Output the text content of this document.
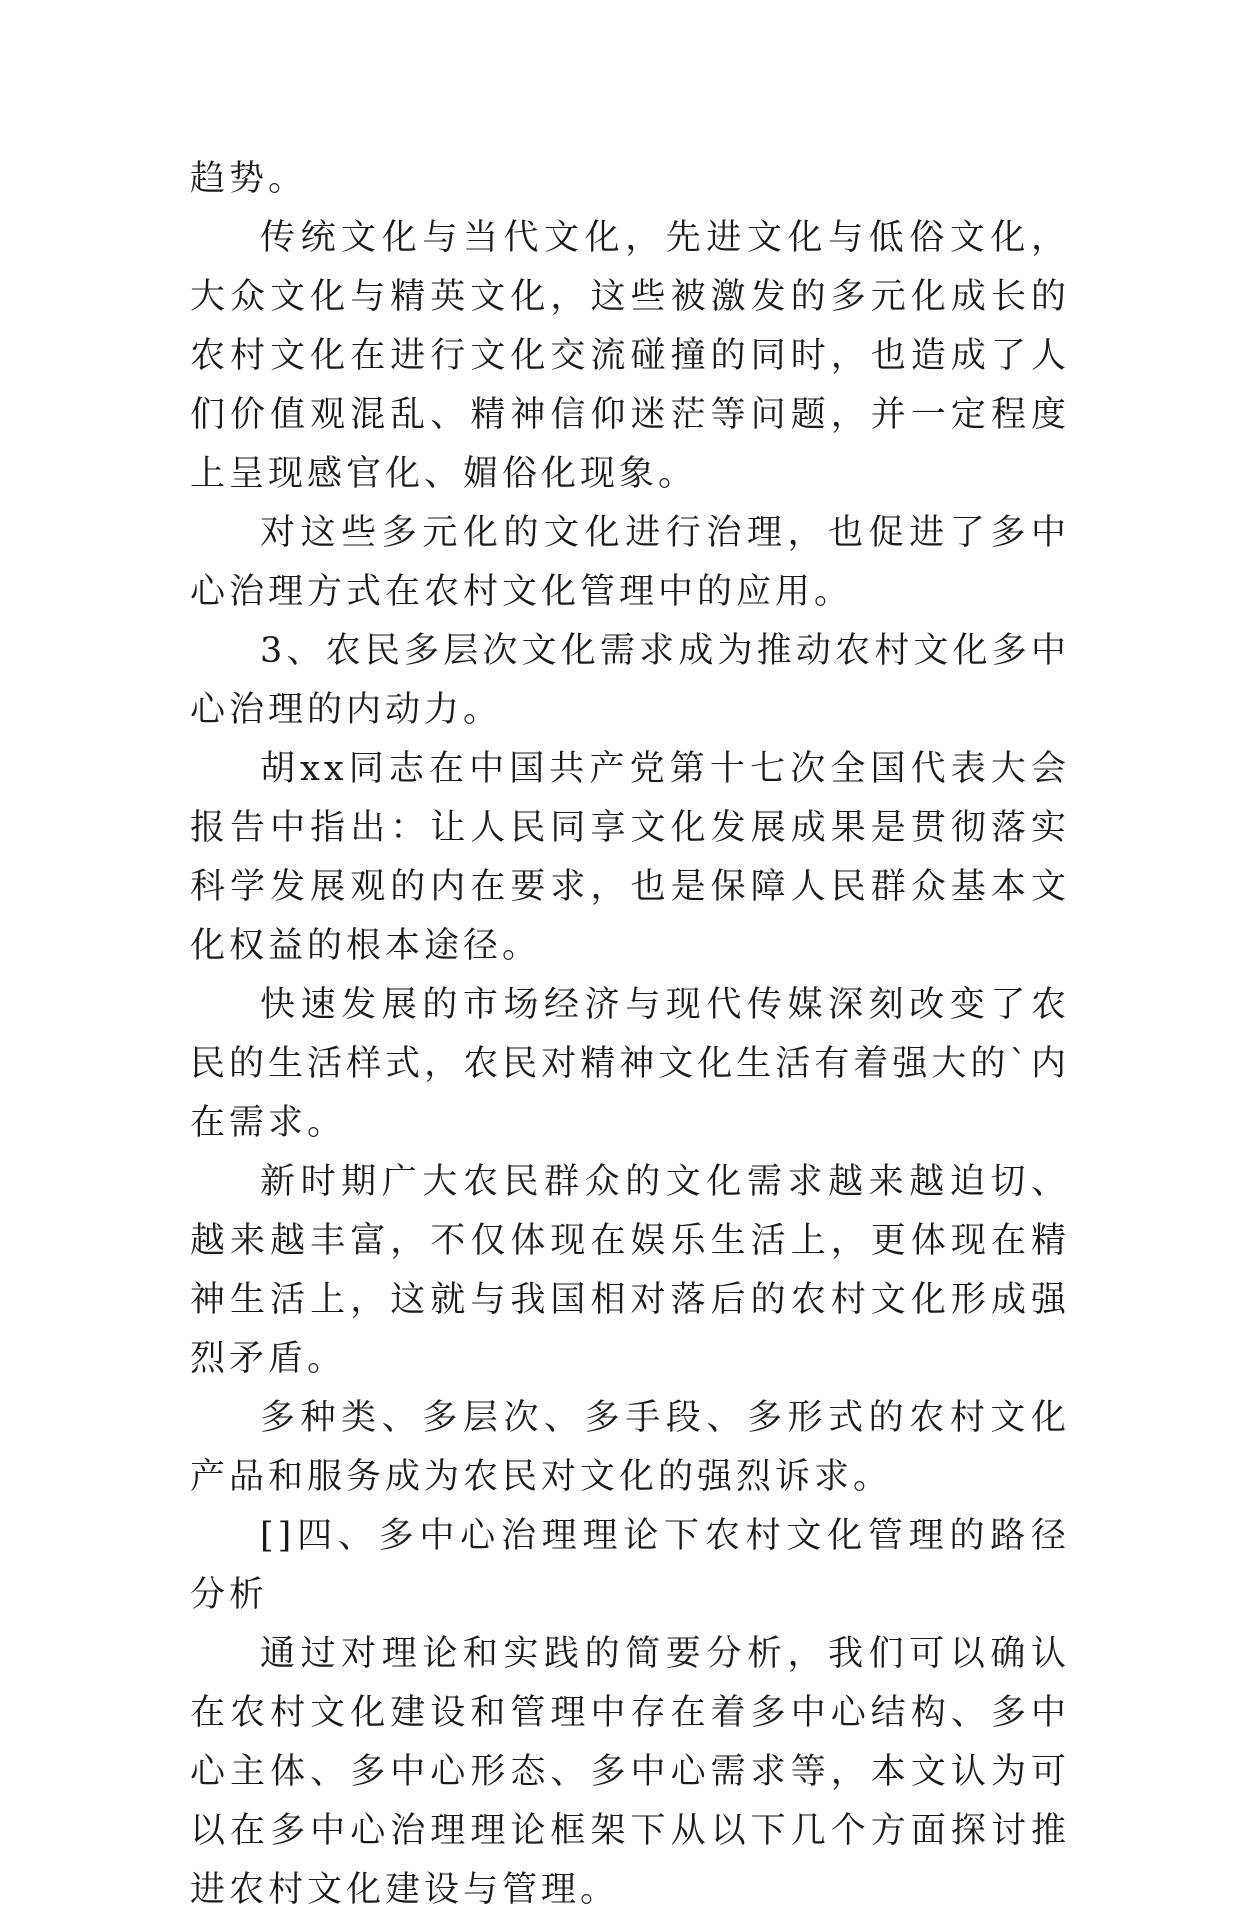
趋势。

传统文化与当代文化，先进文化与低俗文化，大众文化与精英文化，这些被激发的多元化成长的农村文化在进行文化交流碰撞的同时，也造成了人们价值观混乱、精神信仰迷茫等问题，并一定程度上呈现感官化、媚俗化现象。

对这些多元化的文化进行治理，也促进了多中心治理方式在农村文化管理中的应用。

3、农民多层次文化需求成为推动农村文化多中心治理的内动力。

胡xx同志在中国共产党第十七次全国代表大会报告中指出：让人民同享文化发展成果是贯彻落实科学发展观的内在要求，也是保障人民群众基本文化权益的根本途径。

快速发展的市场经济与现代传媒深刻改变了农民的生活样式，农民对精神文化生活有着强大的`内在需求。

新时期广大农民群众的文化需求越来越迫切、越来越丰富，不仅体现在娱乐生活上，更体现在精神生活上，这就与我国相对落后的农村文化形成强烈矛盾。

多种类、多层次、多手段、多形式的农村文化产品和服务成为农民对文化的强烈诉求。

[]四、多中心治理理论下农村文化管理的路径分析

通过对理论和实践的简要分析，我们可以确认在农村文化建设和管理中存在着多中心结构、多中心主体、多中心形态、多中心需求等，本文认为可以在多中心治理理论框架下从以下几个方面探讨推进农村文化建设与管理。
